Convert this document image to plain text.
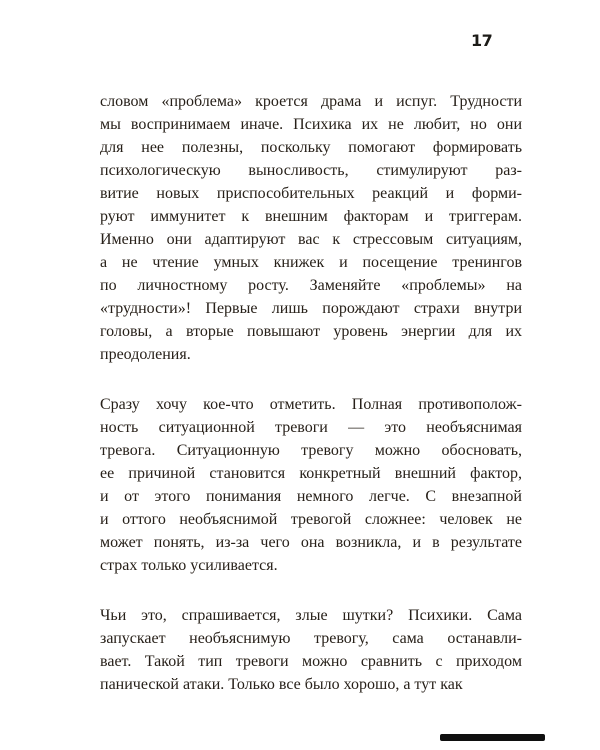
17
словом «проблема» кроется драма и испуг. Трудности
мы воспринимаем иначе. Психика их не любит, но они
для нее полезны, поскольку помогают формировать
психологическую выносливость, стимулируют раз-
витие новых приспособительных реакций и форми-
руют иммунитет к внешним факторам и триггерам.
Именно они адаптируют вас к стрессовым ситуациям,
а не чтение умных книжек и посещение тренингов
по личностному росту. Заменяйте «проблемы» на
«трудности»! Первые лишь порождают страхи внутри
головы, а вторые повышают уровень энергии для их
преодоления.
Сразу хочу кое-что отметить. Полная противополож-
ность ситуационной тревоги — это необъяснимая
тревога. Ситуационную тревогу можно обосновать,
ее причиной становится конкретный внешний фактор,
и от этого понимания немного легче. С внезапной
и оттого необъяснимой тревогой сложнее: человек не
может понять, из-за чего она возникла, и в результате
страх только усиливается.
Чьи это, спрашивается, злые шутки? Психики. Сама
запускает необъяснимую тревогу, сама останавли-
вает. Такой тип тревоги можно сравнить с приходом
панической атаки. Только все было хорошо, а тут как
